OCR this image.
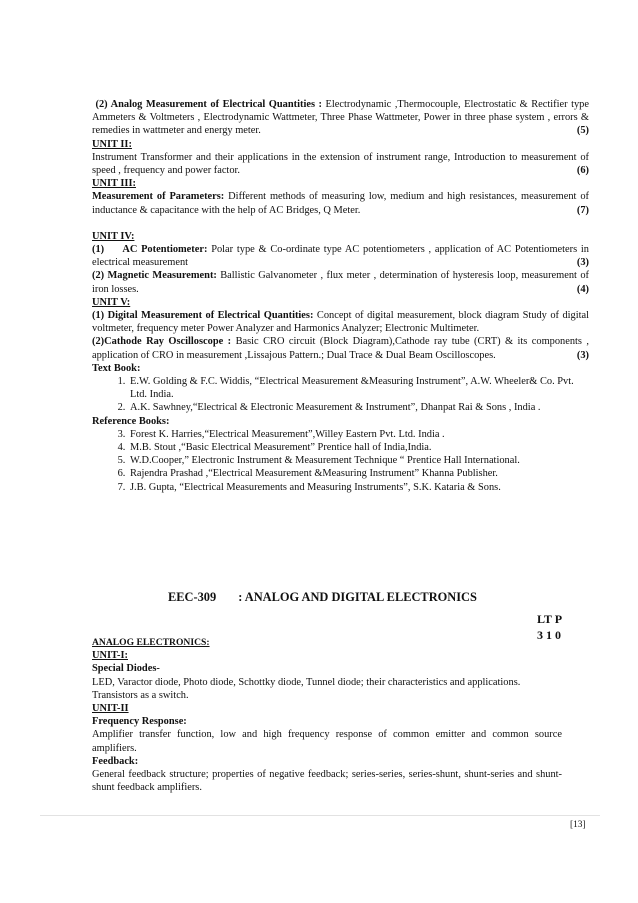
(2) Analog Measurement of Electrical Quantities : Electrodynamic ,Thermocouple, Electrostatic & Rectifier type Ammeters & Voltmeters , Electrodynamic Wattmeter, Three Phase Wattmeter, Power in three phase system , errors & remedies in wattmeter and energy meter.	(5)

UNIT II:

Instrument Transformer and their applications in the extension of instrument range, Introduction to measurement of speed , frequency and power factor.	(6)

UNIT III:

Measurement of Parameters: Different methods of measuring low, medium and high resistances, measurement of inductance & capacitance with the help of AC Bridges, Q Meter.	(7)

UNIT IV:

(1)     AC Potentiometer: Polar type & Co-ordinate type AC potentiometers , application of AC Potentiometers in electrical measurement	(3)

(2) Magnetic Measurement: Ballistic Galvanometer , flux meter , determination of hysteresis loop, measurement of iron losses.	(4)

UNIT V:

(1) Digital Measurement of Electrical Quantities: Concept of digital measurement, block diagram Study of digital voltmeter, frequency meter Power Analyzer and Harmonics Analyzer; Electronic Multimeter.

(2)Cathode Ray Oscilloscope : Basic CRO circuit (Block Diagram),Cathode ray tube (CRT) & its components , application of CRO in measurement ,Lissajous Pattern.; Dual Trace & Dual Beam Oscilloscopes.	(3)

Text Book:

1. E.W. Golding & F.C. Widdis, “Electrical Measurement &Measuring Instrument”, A.W. Wheeler& Co. Pvt. Ltd. India.
2. A.K. Sawhney,“Electrical & Electronic Measurement & Instrument”, Dhanpat Rai & Sons , India .

Reference Books:

3. Forest K. Harries,“Electrical Measurement”,Willey Eastern Pvt. Ltd. India .
4. M.B. Stout ,“Basic Electrical Measurement” Prentice hall of India,India.
5. W.D.Cooper,” Electronic Instrument & Measurement Technique “ Prentice Hall International.
6. Rajendra Prashad ,“Electrical Measurement &Measuring Instrument” Khanna Publisher.
7. J.B. Gupta, “Electrical Measurements and Measuring Instruments”, S.K. Kataria & Sons.
EEC-309 : ANALOG AND DIGITAL ELECTRONICS
LT P
3 1 0

ANALOG ELECTRONICS:

UNIT-I:

Special Diodes-

LED, Varactor diode, Photo diode, Schottky diode, Tunnel diode; their characteristics and applications.

Transistors as a switch.

UNIT-II

Frequency Response:

Amplifier transfer function, low and high frequency response of common emitter and common source amplifiers.

Feedback:

General feedback structure; properties of negative feedback; series-series, series-shunt, shunt-series and shunt-shunt feedback amplifiers.

[13]
